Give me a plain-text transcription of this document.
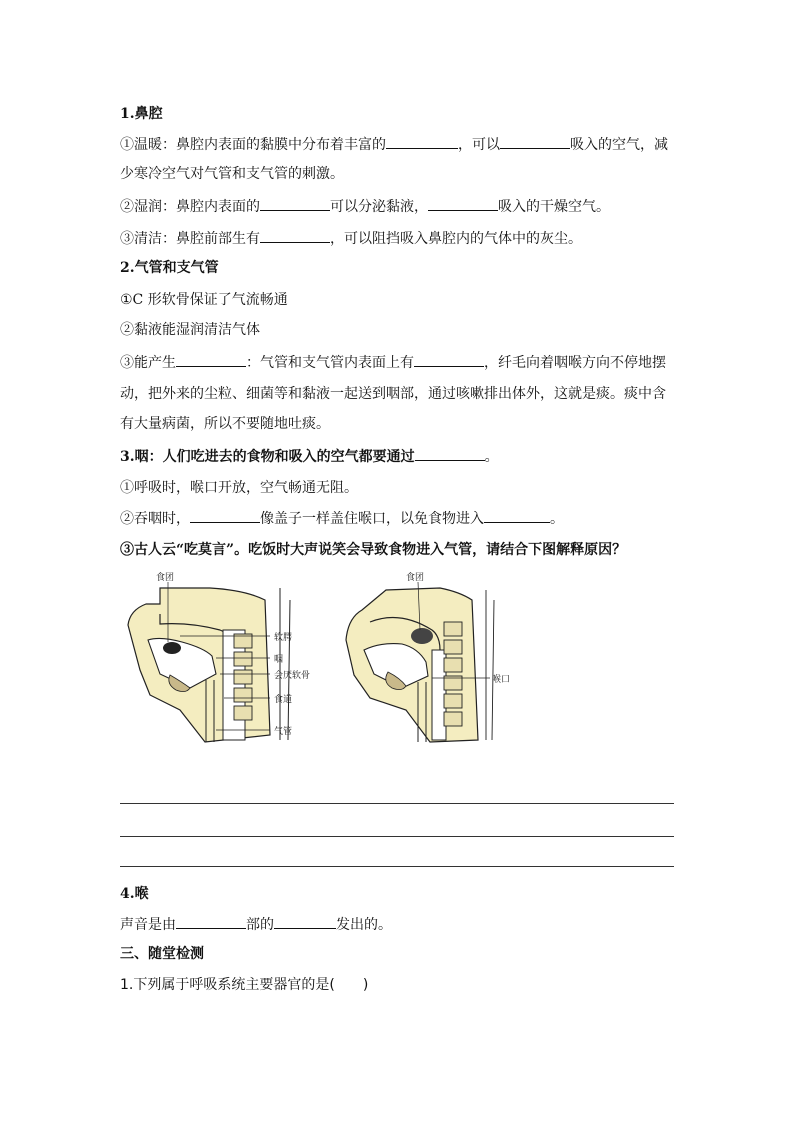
1.鼻腔
①温暖：鼻腔内表面的黏膜中分布着丰富的	，可以	吸入的空气，减
少寒冷空气对气管和支气管的刺激。
②湿润：鼻腔内表面的	可以分泌黏液，	吸入的干燥空气。
③清洁：鼻腔前部生有	，可以阻挡吸入鼻腔内的气体中的灰尘。
2.气管和支气管
①C 形软骨保证了气流畅通
②黏液能湿润清洁气体
③能产生	：气管和支气管内表面上有	，纤毛向着咽喉方向不停地摆
动，把外来的尘粒、细菌等和黏液一起送到咽部，通过咳嗽排出体外，这就是痰。痰中含
有大量病菌，所以不要随地吐痰。
3.咽：人们吃进去的食物和吸入的空气都要通过	。
①呼吸时，喉口开放，空气畅通无阻。
②吞咽时，	像盖子一样盖住喉口，以免食物进入	。
③古人云“吃莫言”。吃饭时大声说笑会导致食物进入气管，请结合下图解释原因？
食团
软腭
咽
会厌软骨
食道
气管
食团
喉口
4.喉
声音是由	部的	发出的。
三、随堂检测
1.下列属于呼吸系统主要器官的是(　　)
